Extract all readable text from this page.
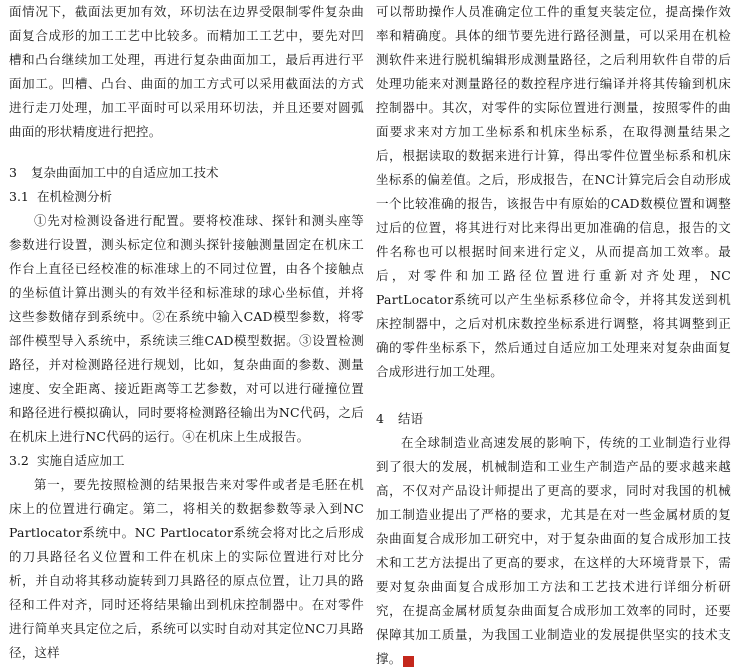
面情况下，截面法更加有效，环切法在边界受限制零件复杂曲面复合成形的加工工艺中比较多。而精加工工艺中，要先对凹槽和凸台继续加工处理，再进行复杂曲面加工，最后再进行平面加工。凹槽、凸台、曲面的加工方式可以采用截面法的方式进行走刀处理，加工平面时可以采用环切法，并且还要对圆弧曲面的形状精度进行把控。

3 复杂曲面加工中的自适应加工技术
3.1 在机检测分析

①先对检测设备进行配置。要将校准球、探针和测头座等参数进行设置，测头标定位和测头探针接触测量固定在机床工作台上直径已经校准的标准球上的不同过位置，由各个接触点的坐标值计算出测头的有效半径和标准球的球心坐标值，并将这些参数储存到系统中。②在系统中输入CAD模型参数，将零部件模型导入系统中，系统读三维CAD模型数据。③设置检测路径，并对检测路径进行规划，比如，复杂曲面的参数、测量速度、安全距离、接近距离等工艺参数，对可以进行碰撞位置和路径进行模拟确认，同时要将检测路径输出为NC代码，之后在机床上进行NC代码的运行。④在机床上生成报告。

3.2 实施自适应加工

第一，要先按照检测的结果报告来对零件或者是毛胚在机床上的位置进行确定。第二，将相关的数据参数等录入到NC Partlocator系统中。NC Partlocator系统会将对比之后形成的刀具路径名义位置和工件在机床上的实际位置进行对比分析，并自动将其移动旋转到刀具路径的原点位置，让刀具的路径和工件对齐，同时还将结果输出到机床控制器中。在对零件进行简单夹具定位之后，系统可以实时自动对其定位NC刀具路径，这样

可以帮助操作人员准确定位工件的重复夹装定位，提高操作效率和精确度。具体的细节要先进行路径测量，可以采用在机检测软件来进行脱机编辑形成测量路径，之后利用软件自带的后处理功能来对测量路径的数控程序进行编译并将其传输到机床控制器中。其次，对零件的实际位置进行测量，按照零件的曲面要求来对方加工坐标系和机床坐标系，在取得测量结果之后，根据读取的数据来进行计算，得出零件位置坐标系和机床坐标系的偏差值。之后，形成报告，在NC计算完后会自动形成一个比较准确的报告，该报告中有原始的CAD数模位置和调整过后的位置，将其进行对比来得出更加准确的信息，报告的文件名称也可以根据时间来进行定义，从而提高加工效率。最后，对零件和加工路径位置进行重新对齐处理，NC PartLocator系统可以产生坐标系移位命令，并将其发送到机床控制器中，之后对机床数控坐标系进行调整，将其调整到正确的零件坐标系下，然后通过自适应加工处理来对复杂曲面复合成形进行加工处理。

4 结语

在全球制造业高速发展的影响下，传统的工业制造行业得到了很大的发展，机械制造和工业生产制造产品的要求越来越高，不仅对产品设计师提出了更高的要求，同时对我国的机械加工制造业提出了严格的要求，尤其是在对一些金属材质的复杂曲面复合成形加工研究中，对于复杂曲面的复合成形加工技术和工艺方法提出了更高的要求，在这样的大环境背景下，需要对复杂曲面复合成形加工方法和工艺技术进行详细分析研究，在提高金属材质复杂曲面复合成形加工效率的同时，还要保障其加工质量，为我国工业制造业的发展提供坚实的技术支撑。	匪
